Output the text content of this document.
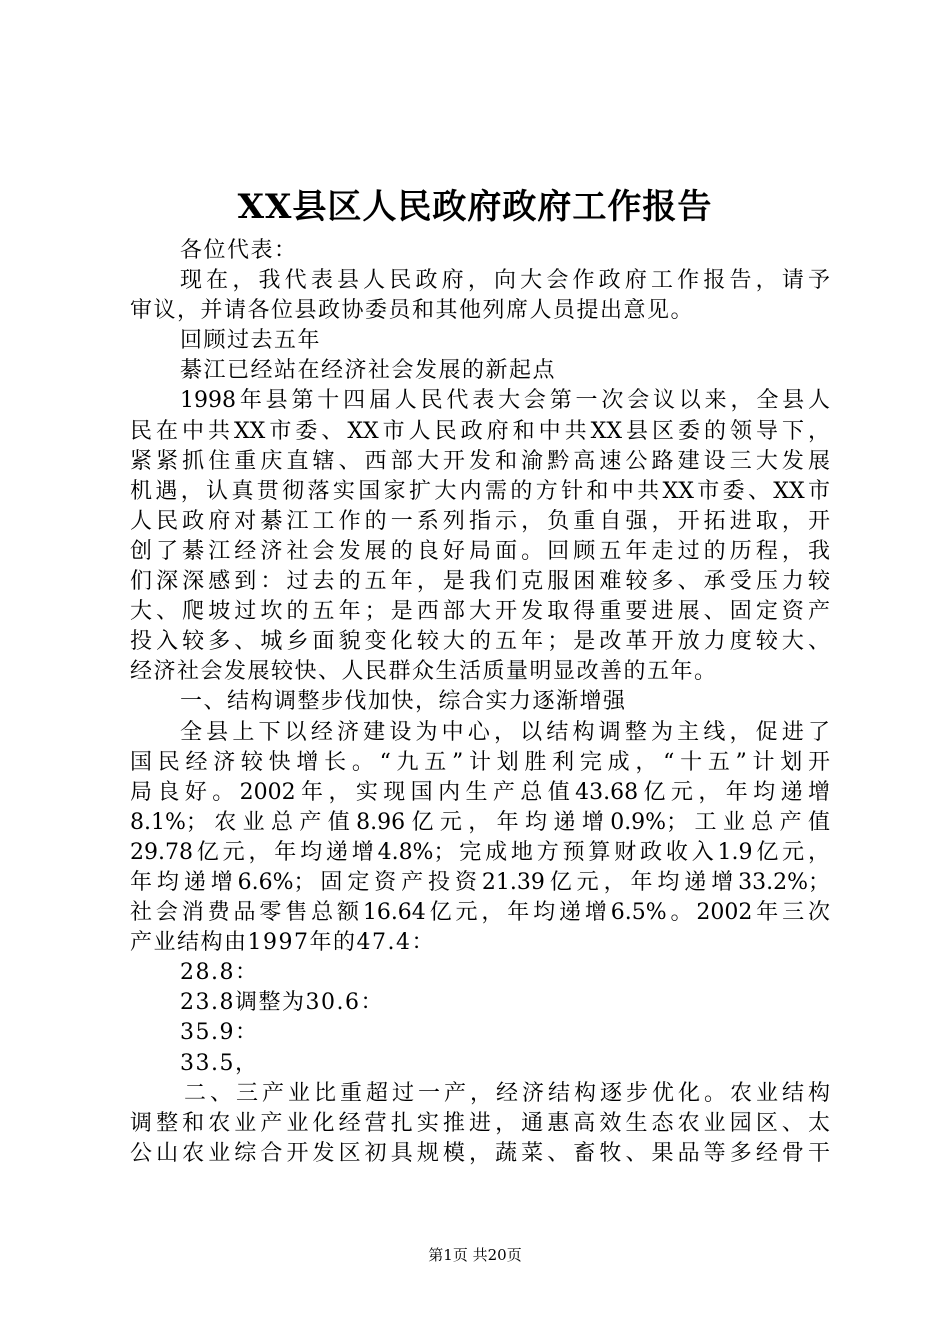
XX县区人民政府政府工作报告
各位代表：
现在，我代表县人民政府，向大会作政府工作报告，请予
审议，并请各位县政协委员和其他列席人员提出意见。
回顾过去五年
綦江已经站在经济社会发展的新起点
1998年县第十四届人民代表大会第一次会议以来，全县人
民在中共XX市委、XX市人民政府和中共XX县区委的领导下，
紧紧抓住重庆直辖、西部大开发和渝黔高速公路建设三大发展
机遇，认真贯彻落实国家扩大内需的方针和中共XX市委、XX市
人民政府对綦江工作的一系列指示，负重自强，开拓进取，开
创了綦江经济社会发展的良好局面。回顾五年走过的历程，我
们深深感到：过去的五年，是我们克服困难较多、承受压力较
大、爬坡过坎的五年；是西部大开发取得重要进展、固定资产
投入较多、城乡面貌变化较大的五年；是改革开放力度较大、
经济社会发展较快、人民群众生活质量明显改善的五年。
一、结构调整步伐加快，综合实力逐渐增强
全县上下以经济建设为中心，以结构调整为主线，促进了
国民经济较快增长。“九五”计划胜利完成，“十五”计划开
局良好。2002年，实现国内生产总值43.68亿元，年均递增
8.1%；农业总产值8.96亿元，年均递增0.9%；工业总产值
29.78亿元，年均递增4.8%；完成地方预算财政收入1.9亿元，
年均递增6.6%；固定资产投资21.39亿元，年均递增33.2%；
社会消费品零售总额16.64亿元，年均递增6.5%。2002年三次
产业结构由1997年的47.4：
28.8：
23.8调整为30.6：
35.9：
33.5，
二、三产业比重超过一产，经济结构逐步优化。农业结构
调整和农业产业化经营扎实推进，通惠高效生态农业园区、太
公山农业综合开发区初具规模，蔬菜、畜牧、果品等多经骨干
第1页 共20页
